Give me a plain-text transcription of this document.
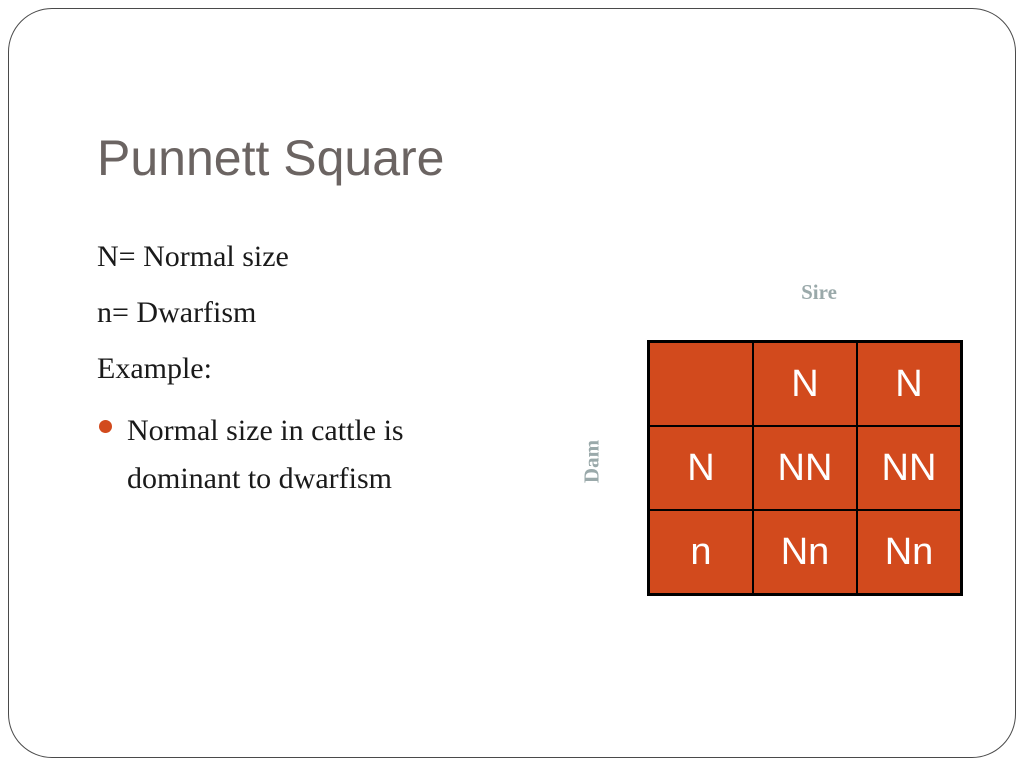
Punnett Square

N= Normal size

n= Dwarfism

Example:

Normal size in cattle is dominant to dwarfism
Sire
Dam
	N	N
N	NN	NN
n	Nn	Nn
